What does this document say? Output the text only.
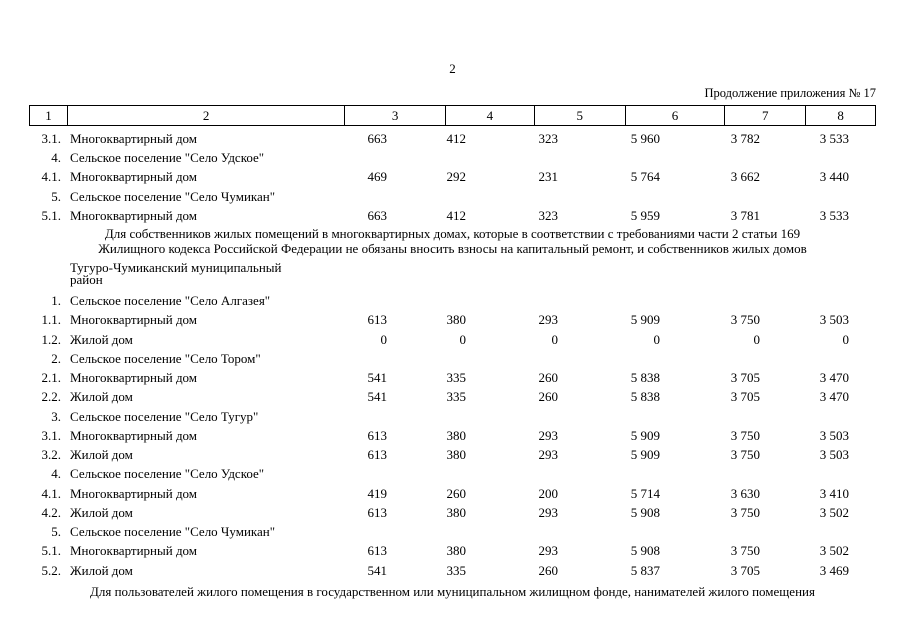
2
Продолжение приложения № 17
1	2	3	4	5	6	7	8
3.1. Многоквартирный дом	663	412	323	5 960	3 782	3 533
4. Сельское поселение "Село Удское"
4.1. Многоквартирный дом	469	292	231	5 764	3 662	3 440
5. Сельское поселение "Село Чумикан"
5.1. Многоквартирный дом	663	412	323	5 959	3 781	3 533
Для собственников жилых помещений в многоквартирных домах, которые в соответствии с требованиями части 2 статьи 169
Жилищного кодекса Российской Федерации не обязаны вносить взносы на капитальный ремонт, и собственников жилых домов
Тугуро-Чумиканский муниципальный
район
1. Сельское поселение "Село Алгазея"
1.1. Многоквартирный дом	613	380	293	5 909	3 750	3 503
1.2. Жилой дом	0	0	0	0	0	0
2. Сельское поселение "Село Тором"
2.1. Многоквартирный дом	541	335	260	5 838	3 705	3 470
2.2. Жилой дом	541	335	260	5 838	3 705	3 470
3. Сельское поселение "Село Тугур"
3.1. Многоквартирный дом	613	380	293	5 909	3 750	3 503
3.2. Жилой дом	613	380	293	5 909	3 750	3 503
4. Сельское поселение "Село Удское"
4.1. Многоквартирный дом	419	260	200	5 714	3 630	3 410
4.2. Жилой дом	613	380	293	5 908	3 750	3 502
5. Сельское поселение "Село Чумикан"
5.1. Многоквартирный дом	613	380	293	5 908	3 750	3 502
5.2. Жилой дом	541	335	260	5 837	3 705	3 469
Для пользователей жилого помещения в государственном или муниципальном жилищном фонде, нанимателей жилого помещения
